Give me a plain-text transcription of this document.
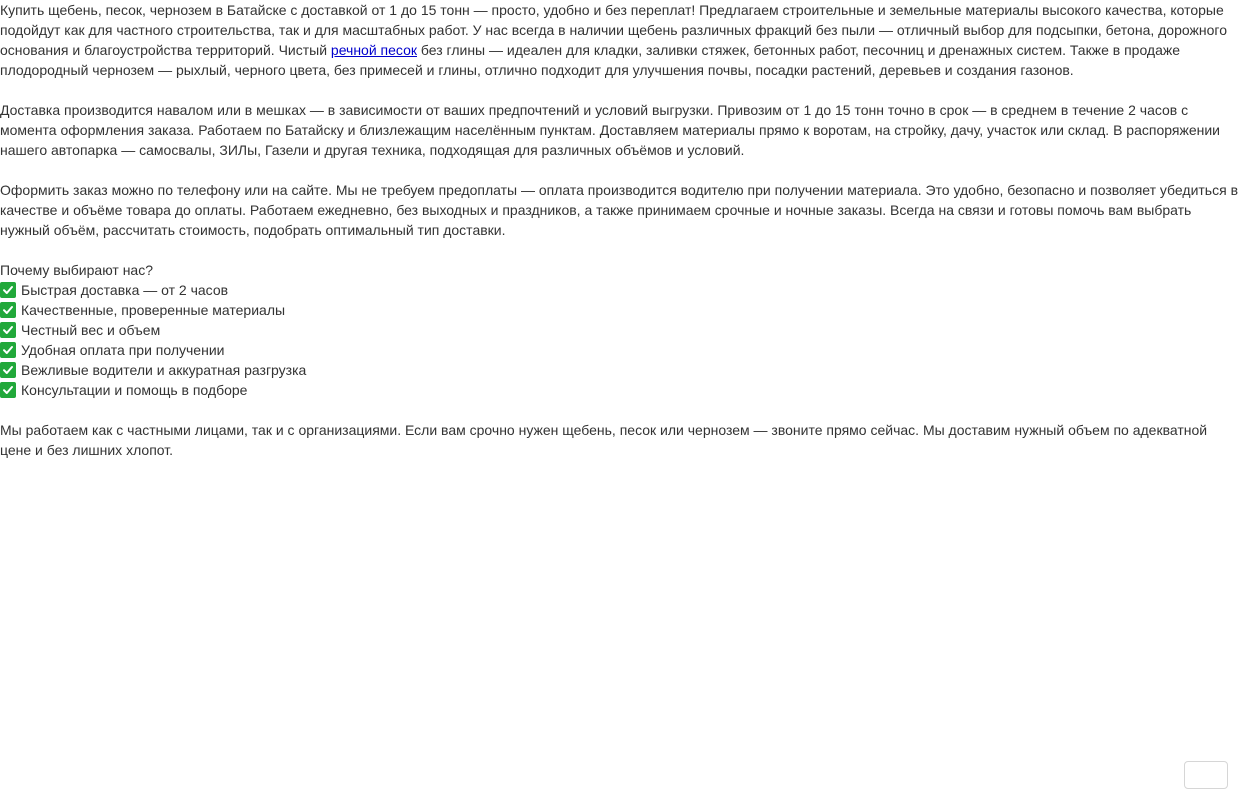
Купить щебень, песок, чернозем в Батайске с доставкой от 1 до 15 тонн — просто, удобно и без переплат! Предлагаем строительные и земельные материалы высокого качества, которые подойдут как для частного строительства, так и для масштабных работ. У нас всегда в наличии щебень различных фракций без пыли — отличный выбор для подсыпки, бетона, дорожного основания и благоустройства территорий. Чистый речной песок без глины — идеален для кладки, заливки стяжек, бетонных работ, песочниц и дренажных систем. Также в продаже плодородный чернозем — рыхлый, черного цвета, без примесей и глины, отлично подходит для улучшения почвы, посадки растений, деревьев и создания газонов.

Доставка производится навалом или в мешках — в зависимости от ваших предпочтений и условий выгрузки. Привозим от 1 до 15 тонн точно в срок — в среднем в течение 2 часов с момента оформления заказа. Работаем по Батайску и близлежащим населённым пунктам. Доставляем материалы прямо к воротам, на стройку, дачу, участок или склад. В распоряжении нашего автопарка — самосвалы, ЗИЛы, Газели и другая техника, подходящая для различных объёмов и условий.

Оформить заказ можно по телефону или на сайте. Мы не требуем предоплаты — оплата производится водителю при получении материала. Это удобно, безопасно и позволяет убедиться в качестве и объёме товара до оплаты. Работаем ежедневно, без выходных и праздников, а также принимаем срочные и ночные заказы. Всегда на связи и готовы помочь вам выбрать нужный объём, рассчитать стоимость, подобрать оптимальный тип доставки.

Почему выбирают нас?
Быстрая доставка — от 2 часов
Качественные, проверенные материалы
Честный вес и объем
Удобная оплата при получении
Вежливые водители и аккуратная разгрузка
Консультации и помощь в подборе

Мы работаем как с частными лицами, так и с организациями. Если вам срочно нужен щебень, песок или чернозем — звоните прямо сейчас. Мы доставим нужный объем по адекватной цене и без лишних хлопот.
